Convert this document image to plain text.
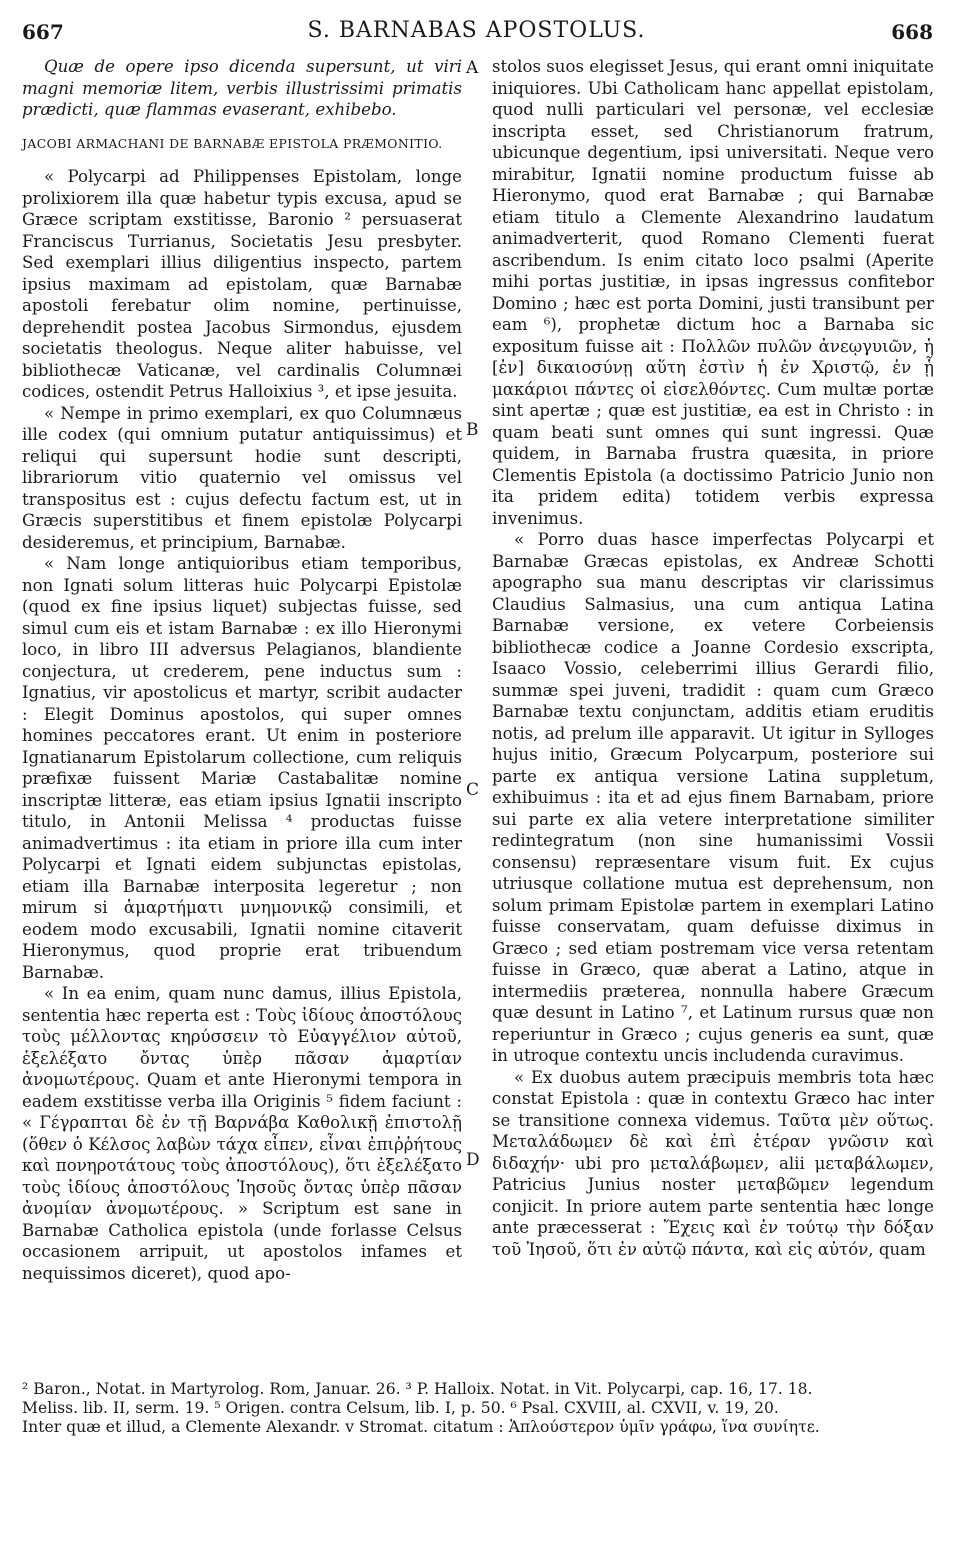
667	S. BARNABAS APOSTOLUS.	668

Quæ de opere ipso dicenda supersunt, ut viri magni memoriæ litem, verbis illustrissimi primatis prædicti, quæ flammas evaserant, exhibebo.

JACOBI ARMACHANI DE BARNABÆ EPISTOLA PRÆMONITIO.

« Polycarpi ad Philippenses Epistolam, longe prolixiorem illa quæ habetur typis excusa, apud se Græce scriptam exstitisse, Baronio ² persuaserat Franciscus Turrianus, Societatis Jesu presbyter. Sed exemplari illius diligentius inspecto, partem ipsius maximam ad epistolam, quæ Barnabæ apostoli ferebatur olim nomine, pertinuisse, deprehendit postea Jacobus Sirmondus, ejusdem societatis theologus. Neque aliter habuisse, vel bibliothecæ Vaticanæ, vel cardinalis Columnæi codices, ostendit Petrus Halloixius ³, et ipse jesuita.

« Nempe in primo exemplari, ex quo Columnæus ille codex (qui omnium putatur antiquissimus) et reliqui qui supersunt hodie sunt descripti, librariorum vitio quaternio vel omissus vel transpositus est : cujus defectu factum est, ut in Græcis superstitibus et finem epistolæ Polycarpi desideremus, et principium, Barnabæ.

« Nam longe antiquioribus etiam temporibus, non Ignati solum litteras huic Polycarpi Epistolæ (quod ex fine ipsius liquet) subjectas fuisse, sed simul cum eis et istam Barnabæ : ex illo Hieronymi loco, in libro III adversus Pelagianos, blandiente conjectura, ut crederem, pene inductus sum : Ignatius, vir apostolicus et martyr, scribit audacter : Elegit Dominus apostolos, qui super omnes homines peccatores erant. Ut enim in posteriore Ignatianarum Epistolarum collectione, cum reliquis præfixæ fuissent Mariæ Castabalitæ nomine inscriptæ litteræ, eas etiam ipsius Ignatii inscripto titulo, in Antonii Melissa ⁴ productas fuisse animadvertimus : ita etiam in priore illa cum inter Polycarpi et Ignati eidem subjunctas epistolas, etiam illa Barnabæ interposita legeretur ; non mirum si ἁμαρτήματι μνημονικῷ consimili, et eodem modo excusabili, Ignatii nomine citaverit Hieronymus, quod proprie erat tribuendum Barnabæ.

« In ea enim, quam nunc damus, illius Epistola, sententia hæc reperta est : Τοὺς ἰδίους ἀποστόλους τοὺς μέλλοντας κηρύσσειν τὸ Εὐαγγέλιον αὐτοῦ, ἐξελέξατο ὄντας ὑπὲρ πᾶσαν ἁμαρτίαν ἀνομωτέρους. Quam et ante Hieronymi tempora in eadem exstitisse verba illa Originis ⁵ fidem faciunt : « Γέγραπται δὲ ἐν τῇ Βαρνάβα Καθολικῇ ἐπιστολῇ (ὅθεν ὁ Κέλσος λαβὼν τάχα εἶπεν, εἶναι ἐπιῤῥήτους καὶ πονηροτάτους τοὺς ἀποστόλους), ὅτι ἐξελέξατο τοὺς ἰδίους ἀποστόλους Ἰησοῦς ὄντας ὑπὲρ πᾶσαν ἀνομίαν ἀνομωτέρους. » Scriptum est sane in Barnabæ Catholica epistola (unde forlasse Celsus occasionem arripuit, ut apostolos infames et nequissimos diceret), quod apo-

A
B
C
D

stolos suos elegisset Jesus, qui erant omni iniquitate iniquiores. Ubi Catholicam hanc appellat epistolam, quod nulli particulari vel personæ, vel ecclesiæ inscripta esset, sed Christianorum fratrum, ubicunque degentium, ipsi universitati. Neque vero mirabitur, Ignatii nomine productum fuisse ab Hieronymo, quod erat Barnabæ ; qui Barnabæ etiam titulo a Clemente Alexandrino laudatum animadverterit, quod Romano Clementi fuerat ascribendum. Is enim citato loco psalmi (Aperite mihi portas justitiæ, in ipsas ingressus confitebor Domino ; hæc est porta Domini, justi transibunt per eam ⁶), prophetæ dictum hoc a Barnaba sic expositum fuisse ait : Πολλῶν πυλῶν ἀνεῳγυιῶν, ἡ [ἐν] δικαιοσύνῃ αὕτη ἐστὶν ἡ ἐν Χριστῷ, ἐν ᾗ μακάριοι πάντες οἱ εἰσελθόντες. Cum multæ portæ sint apertæ ; quæ est justitiæ, ea est in Christo : in quam beati sunt omnes qui sunt ingressi. Quæ quidem, in Barnaba frustra quæsita, in priore Clementis Epistola (a doctissimo Patricio Junio non ita pridem edita) totidem verbis expressa invenimus.

« Porro duas hasce imperfectas Polycarpi et Barnabæ Græcas epistolas, ex Andreæ Schotti apographo sua manu descriptas vir clarissimus Claudius Salmasius, una cum antiqua Latina Barnabæ versione, ex vetere Corbeiensis bibliothecæ codice a Joanne Cordesio exscripta, Isaaco Vossio, celeberrimi illius Gerardi filio, summæ spei juveni, tradidit : quam cum Græco Barnabæ textu conjunctam, additis etiam eruditis notis, ad prelum ille apparavit. Ut igitur in Sylloges hujus initio, Græcum Polycarpum, posteriore sui parte ex antiqua versione Latina suppletum, exhibuimus : ita et ad ejus finem Barnabam, priore sui parte ex alia vetere interpretatione similiter redintegratum (non sine humanissimi Vossii consensu) repræsentare visum fuit. Ex cujus utriusque collatione mutua est deprehensum, non solum primam Epistolæ partem in exemplari Latino fuisse conservatam, quam defuisse diximus in Græco ; sed etiam postremam vice versa retentam fuisse in Græco, quæ aberat a Latino, atque in intermediis præterea, nonnulla habere Græcum quæ desunt in Latino ⁷, et Latinum rursus quæ non reperiuntur in Græco ; cujus generis ea sunt, quæ in utroque contextu uncis includenda curavimus.

« Ex duobus autem præcipuis membris tota hæc constat Epistola : quæ in contextu Græco hac inter se transitione connexa videmus. Ταῦτα μὲν οὕτως. Μεταλάδωμεν δὲ καὶ ἐπὶ ἑτέραν γνῶσιν καὶ διδαχήν· ubi pro μεταλάβωμεν, alii μεταβάλωμεν, Patricius Junius noster μεταβῶμεν legendum conjicit. In priore autem parte sententia hæc longe ante præcesserat : Ἔχεις καὶ ἐν τούτῳ τὴν δόξαν τοῦ Ἰησοῦ, ὅτι ἐν αὐτῷ πάντα, καὶ εἰς αὐτόν, quam

² Baron., Notat. in Martyrolog. Rom, Januar. 26. ³ P. Halloix. Notat. in Vit. Polycarpi, cap. 16, 17. 18.

Meliss. lib. II, serm. 19. ⁵ Origen. contra Celsum, lib. I, p. 50. ⁶ Psal. CXVIII, al. CXVII, v. 19, 20.

Inter quæ et illud, a Clemente Alexandr. v Stromat. citatum : Ἁπλούστερον ὑμῖν γράφω, ἵνα συνίητε.
